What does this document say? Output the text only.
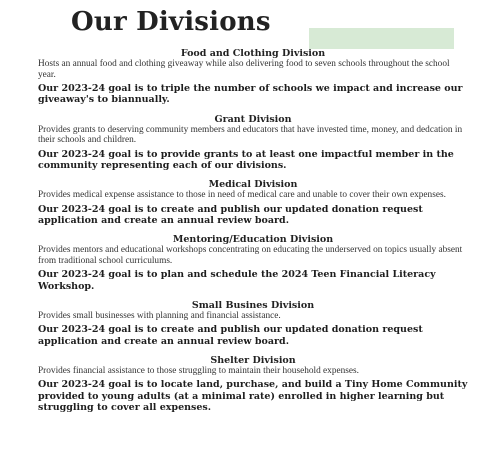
Our Divisions
Food and Clothing Division

Hosts an annual food and clothing giveaway while also delivering food to seven schools throughout the school year.

Our 2023-24 goal is to triple the number of schools we impact and increase our giveaway's to biannually.

Grant Division

Provides grants to deserving community members and educators that have invested time, money, and dedcation in their schools and children.

Our 2023-24 goal is to provide grants to at least one impactful member in the community representing each of our divisions.

Medical Division

Provides medical expense assistance to those in need of medical care and unable to cover their own expenses.

Our 2023-24 goal is to create and publish our updated donation request application and create an annual review board.

Mentoring/Education Division

Provides mentors and educational workshops concentrating on educating the underserved on topics usually absent from traditional school curriculums.

Our 2023-24 goal is to plan and schedule the 2024 Teen Financial Literacy Workshop.

Small Busines Division

Provides small businesses with planning and financial assistance.

Our 2023-24 goal is to create and publish our updated donation request application and create an annual review board.

Shelter Division

Provides financial assistance to those struggling to maintain their household expenses.

Our 2023-24 goal is to locate land, purchase, and build a Tiny Home Community provided to young adults (at a minimal rate) enrolled in higher learning but struggling to cover all expenses.
